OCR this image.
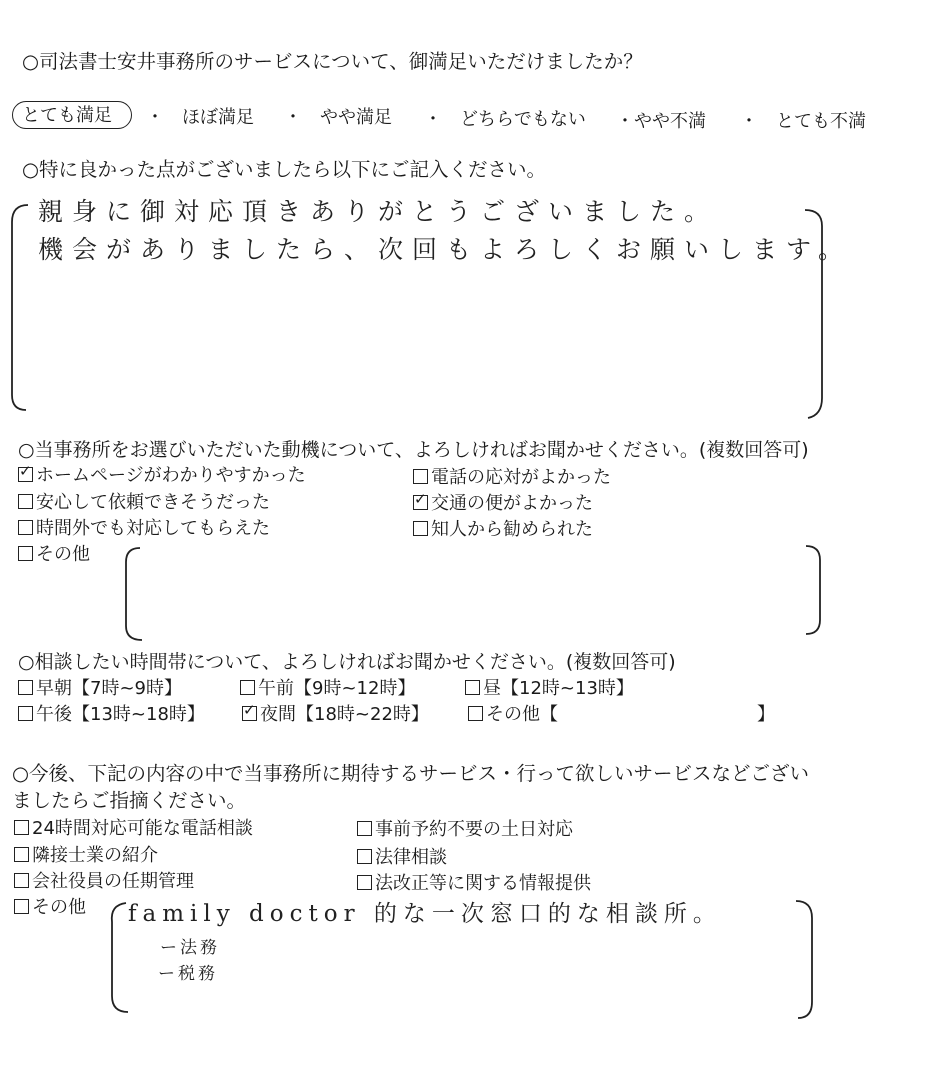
○司法書士安井事務所のサービスについて、御満足いただけましたか？
とても満足 ・ ほぼ満足 ・ やや満足 ・ どちらでもない ・やや不満 ・ とても不満
○特に良かった点がございましたら以下にご記入ください。
親身に御対応頂きありがとうございました。
機会がありましたら、次回もよろしくお願いします。
○当事務所をお選びいただいた動機について、よろしければお聞かせください。(複数回答可)
✓ホームページがわかりやすかった	電話の応対がよかった
安心して依頼できそうだった ✓	交通の便がよかった
時間外でも対応してもらえた	知人から勧められた
その他
○相談したい時間帯について、よろしければお聞かせください。(複数回答可)
早朝【7時~9時】	午前【9時~12時】	昼【12時~13時】
午後【13時~18時】 ✓	夜間【18時~22時】	その他【	】
○今後、下記の内容の中で当事務所に期待するサービス・行って欲しいサービスなどござい
ましたらご指摘ください。
24時間対応可能な電話相談	事前予約不要の土日対応
隣接士業の紹介	法律相談
会社役員の任期管理	法改正等に関する情報提供
その他 family doctor 的な一次窓口的な相談所。
ー法務
ー税務
